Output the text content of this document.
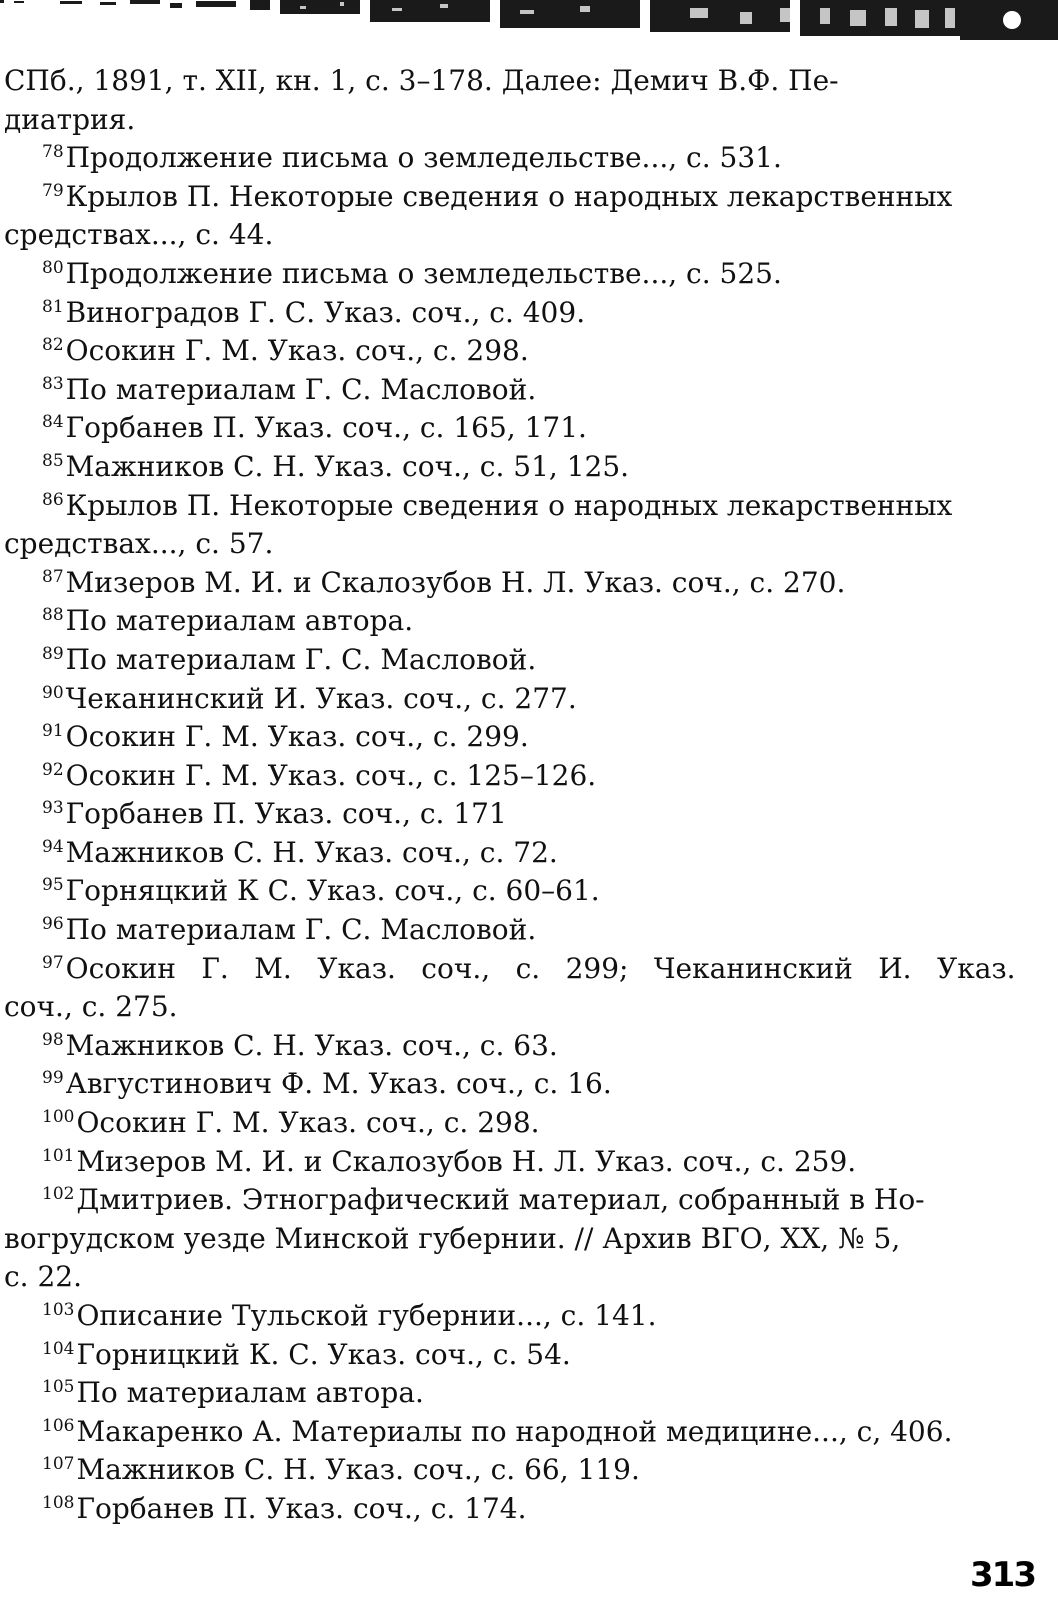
СПб., 1891, т. XII, кн. 1, с. 3–178. Далее: Демич В.Ф. Пе-
диатрия.
$^{78}$Продолжение письма о земледельстве..., с. 531.
$^{79}$Крылов П. Некоторые сведения о народных лекарственных
средствах..., с. 44.
$^{80}$Продолжение письма о земледельстве..., с. 525.
$^{81}$Виноградов Г. С. Указ. соч., с. 409.
$^{82}$Осокин Г. М. Указ. соч., с. 298.
$^{83}$По материалам Г. С. Масловой.
$^{84}$Горбанев П. Указ. соч., с. 165, 171.
$^{85}$Мажников С. Н. Указ. соч., с. 51, 125.
$^{86}$Крылов П. Некоторые сведения о народных лекарственных
средствах..., с. 57.
$^{87}$Мизеров М. И. и Скалозубов Н. Л. Указ. соч., с. 270.
$^{88}$По материалам автора.
$^{89}$По материалам Г. С. Масловой.
$^{90}$Чеканинский И. Указ. соч., с. 277.
$^{91}$Осокин Г. М. Указ. соч., с. 299.
$^{92}$Осокин Г. М. Указ. соч., с. 125–126.
$^{93}$Горбанев П. Указ. соч., с. 171
$^{94}$Мажников С. Н. Указ. соч., с. 72.
$^{95}$Горняцкий К С. Указ. соч., с. 60–61.
$^{96}$По материалам Г. С. Масловой.
$^{97}$ Осокин Г. М. Указ. соч., с. 299; Чеканинский И. Указ.
соч., с. 275.
$^{98}$Мажников С. Н. Указ. соч., с. 63.
$^{99}$Августинович Ф. М. Указ. соч., с. 16.
$^{100}$Осокин Г. М. Указ. соч., с. 298.
$^{101}$Мизеров М. И. и Скалозубов Н. Л. Указ. соч., с. 259.
$^{102}$Дмитриев. Этнографический материал, собранный в Но-
вогрудском уезде Минской губернии. // Архив ВГО, XX, № 5,
с. 22.
$^{103}$Описание Тульской губернии..., с. 141.
$^{104}$Горницкий К. С. Указ. соч., с. 54.
$^{105}$По материалам автора.
$^{106}$Макаренко А. Материалы по народной медицине..., с, 406.
$^{107}$Мажников С. Н. Указ. соч., с. 66, 119.
$^{108}$Горбанев П. Указ. соч., с. 174.
313
